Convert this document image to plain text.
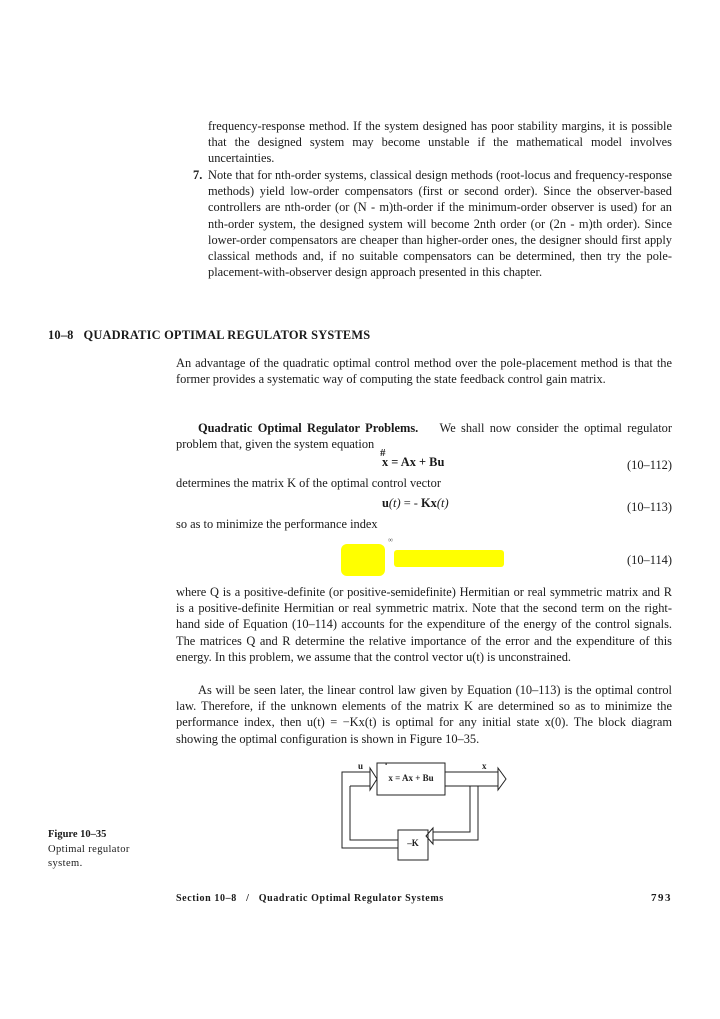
frequency-response method. If the system designed has poor stability margins, it is possible that the designed system may become unstable if the mathematical model involves uncertainties.
7. Note that for nth-order systems, classical design methods (root-locus and frequency-response methods) yield low-order compensators (first or second order). Since the observer-based controllers are nth-order (or (N - m)th-order if the minimum-order observer is used) for an nth-order system, the designed system will become 2nth order (or (2n - m)th order). Since lower-order compensators are cheaper than higher-order ones, the designer should first apply classical methods and, if no suitable compensators can be determined, then try the pole-placement-with-observer design approach presented in this chapter.
10–8 QUADRATIC OPTIMAL REGULATOR SYSTEMS
An advantage of the quadratic optimal control method over the pole-placement method is that the former provides a systematic way of computing the state feedback control gain matrix.
Quadratic Optimal Regulator Problems. We shall now consider the optimal regulator problem that, given the system equation
#
x = Ax + Bu	(10–112)
determines the matrix K of the optimal control vector
u(t) = - Kx(t)	(10–113)
so as to minimize the performance index
∞
(10–114)
where Q is a positive-definite (or positive-semidefinite) Hermitian or real symmetric matrix and R is a positive-definite Hermitian or real symmetric matrix. Note that the second term on the right-hand side of Equation (10–114) accounts for the expenditure of the energy of the control signals. The matrices Q and R determine the relative importance of the error and the expenditure of this energy. In this problem, we assume that the control vector u(t) is unconstrained.
As will be seen later, the linear control law given by Equation (10–113) is the optimal control law. Therefore, if the unknown elements of the matrix K are determined so as to minimize the performance index, then u(t) = −Kx(t) is optimal for any initial state x(0). The block diagram showing the optimal configuration is shown in Figure 10–35.
u	x
.
x = Ax + Bu
–K
Figure 10–35
Optimal regulator system.
Section 10–8   /   Quadratic Optimal Regulator Systems	793
